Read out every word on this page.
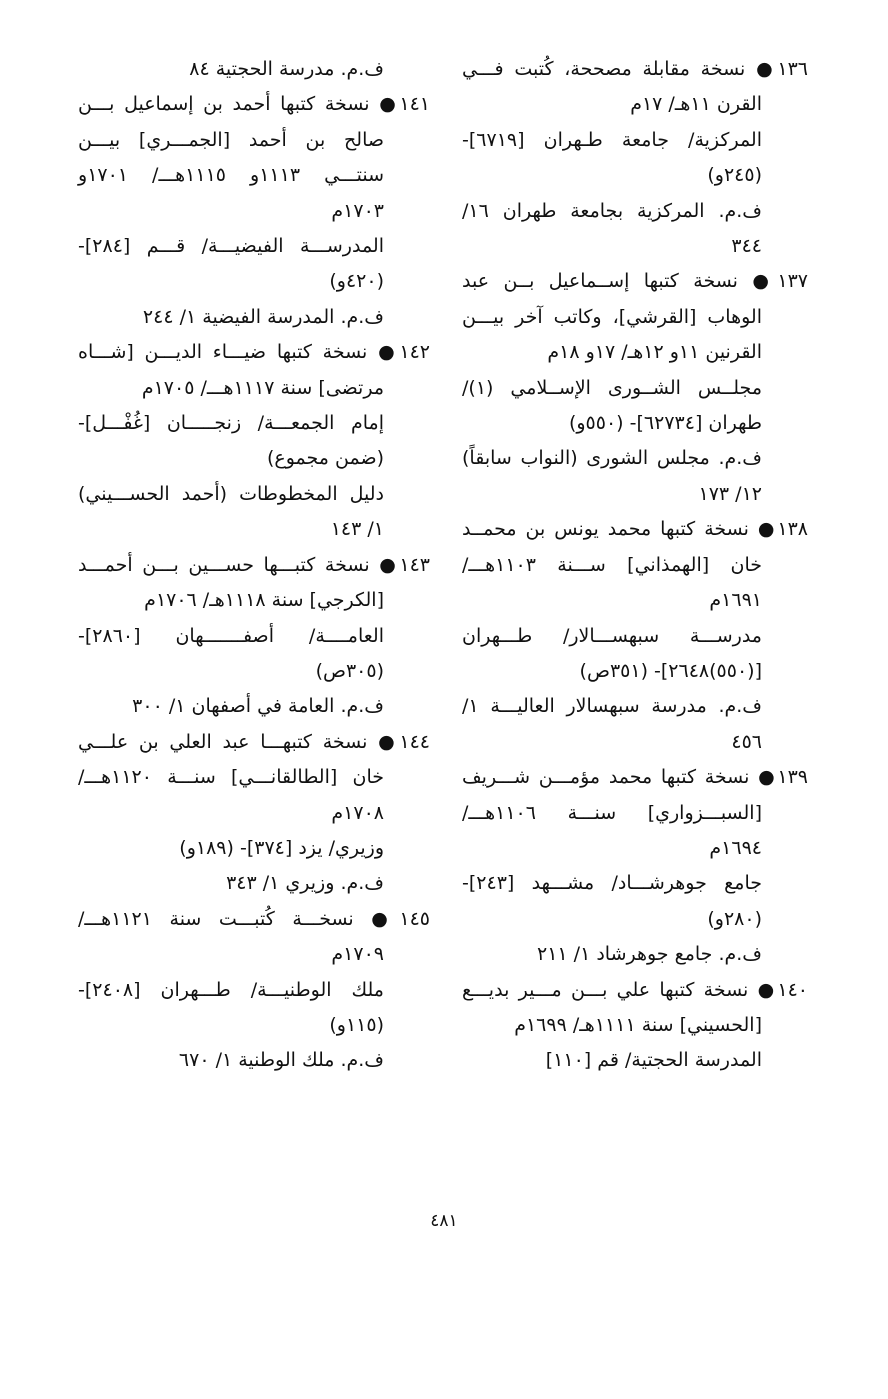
١٣٦● نسخة مقابلة مصححة، كُتبت فـــي
القرن ١١هـ/ ١٧م
المركزية/ جامعة طـهران [٦٧١٩]-
(٢٤٥و)
ف.م. المركزية بجامعة طهران ١٦/
٣٤٤
١٣٧● نسخة كتبها إســماعيل بــن عبد
الوهاب [القرشي]، وكاتب آخر بيـــن
القرنين ١١و ١٢هـ/ ١٧و ١٨م
مجلــس الشــورى الإســلامي (١)/
طهران [٦٢٧٣٤]- (٥٥٠و)
ف.م. مجلس الشورى (النواب سابقاً)
١٢/ ١٧٣
١٣٨● نسخة كتبها محمد يونس بن محمــد
خان [الهمذاني] ســـنة ١١٠٣هـــ/
١٦٩١م
مدرســـة سبهســـالار/ طـــهران
[(٥٥٠)٢٦٤٨]- (٣٥١ص)
ف.م. مدرسة سبهسالار العاليـــة ١/
٤٥٦
١٣٩● نسخة كتبها محمد مؤمـــن شـــريف
[السبـــزواري] سنـــة ١١٠٦هـــ/
١٦٩٤م
جامع جوهرشـــاد/ مشـــهد [٢٤٣]-
(٢٨٠و)
ف.م. جامع جوهرشاد ١/ ٢١١
١٤٠● نسخة كتبها علي بـــن مـــير بديـــع
[الحسيني] سنة ١١١١هـ/ ١٦٩٩م
المدرسة الحجتية/ قم [١١٠]
ف.م. مدرسة الحجتية ٨٤
١٤١● نسخة كتبها أحمد بن إسماعيل بـــن
صالح بن أحمد [الجمـــري] بيـــن
سنتـــي ١١١٣و ١١١٥هـــ/ ١٧٠١و
١٧٠٣م
المدرســـة الفيضيـــة/ قـــم [٢٨٤]-
(٤٢٠و)
ف.م. المدرسة الفيضية ١/ ٢٤٤
١٤٢● نسخة كتبها ضيـــاء الديـــن [شـــاه
مرتضى] سنة ١١١٧هـــ/ ١٧٠٥م
إمام الجمعـــة/ زنجـــــان [غُفْـــل]-
(ضمن مجموع)
دليل المخطوطات (أحمد الحســـيني)
١/ ١٤٣
١٤٣● نسخة كتبـــها حســـين بـــن أحمـــد
[الكرجي] سنة ١١١٨هـ/ ١٧٠٦م
العامــــة/ أصفـــــــهان [٢٨٦٠]-
(٣٠٥ص)
ف.م. العامة في أصفهان ١/ ٣٠٠
١٤٤● نسخة كتبهـــا عبد العلي بن علـــي
خان [الطالقانـــي] سنـــة ١١٢٠هـــ/
١٧٠٨م
وزيري/ يزد [٣٧٤]- (١٨٩و)
ف.م. وزيري ١/ ٣٤٣
١٤٥● نسخـــة كُتبـــت سنة ١١٢١هـــ/
١٧٠٩م
ملك الوطنيـــة/ طـــهران [٢٤٠٨]-
(١١٥و)
ف.م. ملك الوطنية ١/ ٦٧٠
٤٨١
